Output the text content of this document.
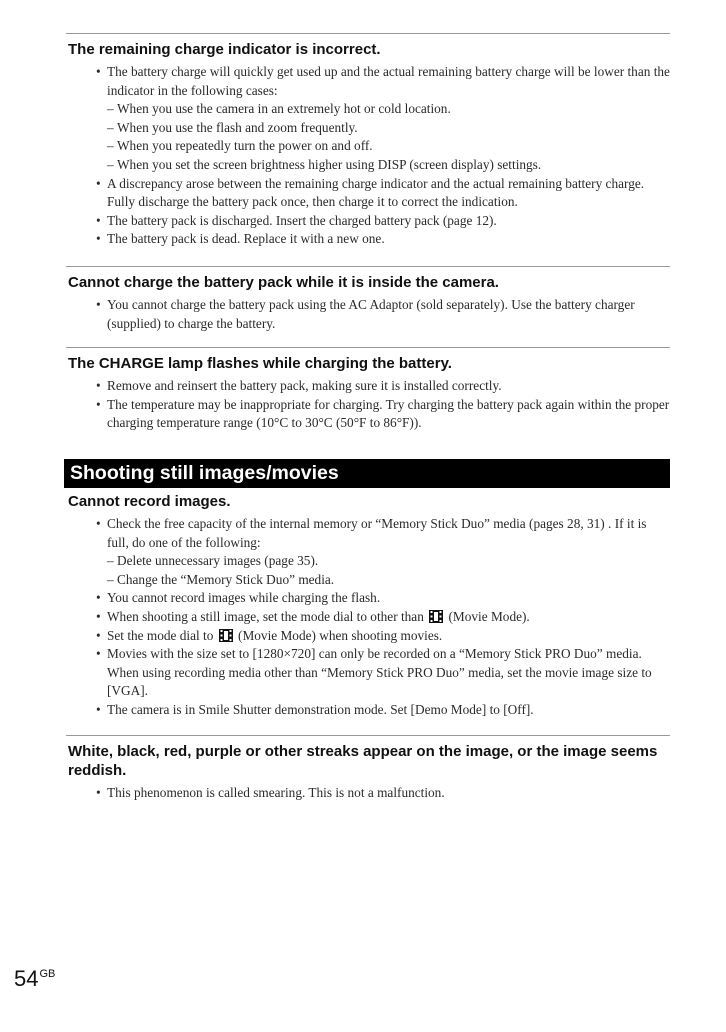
The remaining charge indicator is incorrect.
• The battery charge will quickly get used up and the actual remaining battery charge will be lower than the indicator in the following cases:
– When you use the camera in an extremely hot or cold location.
– When you use the flash and zoom frequently.
– When you repeatedly turn the power on and off.
– When you set the screen brightness higher using DISP (screen display) settings.
• A discrepancy arose between the remaining charge indicator and the actual remaining battery charge. Fully discharge the battery pack once, then charge it to correct the indication.
• The battery pack is discharged. Insert the charged battery pack (page 12).
• The battery pack is dead. Replace it with a new one.
Cannot charge the battery pack while it is inside the camera.
• You cannot charge the battery pack using the AC Adaptor (sold separately). Use the battery charger (supplied) to charge the battery.
The CHARGE lamp flashes while charging the battery.
• Remove and reinsert the battery pack, making sure it is installed correctly.
• The temperature may be inappropriate for charging. Try charging the battery pack again within the proper charging temperature range (10°C to 30°C (50°F to 86°F)).
Shooting still images/movies
Cannot record images.
• Check the free capacity of the internal memory or “Memory Stick Duo” media (pages 28, 31) . If it is full, do one of the following:
– Delete unnecessary images (page 35).
– Change the “Memory Stick Duo” media.
• You cannot record images while charging the flash.
• When shooting a still image, set the mode dial to other than (Movie Mode).
• Set the mode dial to (Movie Mode) when shooting movies.
• Movies with the size set to [1280×720] can only be recorded on a “Memory Stick PRO Duo” media. When using recording media other than “Memory Stick PRO Duo” media, set the movie image size to [VGA].
• The camera is in Smile Shutter demonstration mode. Set [Demo Mode] to [Off].
White, black, red, purple or other streaks appear on the image, or the image seems reddish.
• This phenomenon is called smearing. This is not a malfunction.
$54^{GB}$
